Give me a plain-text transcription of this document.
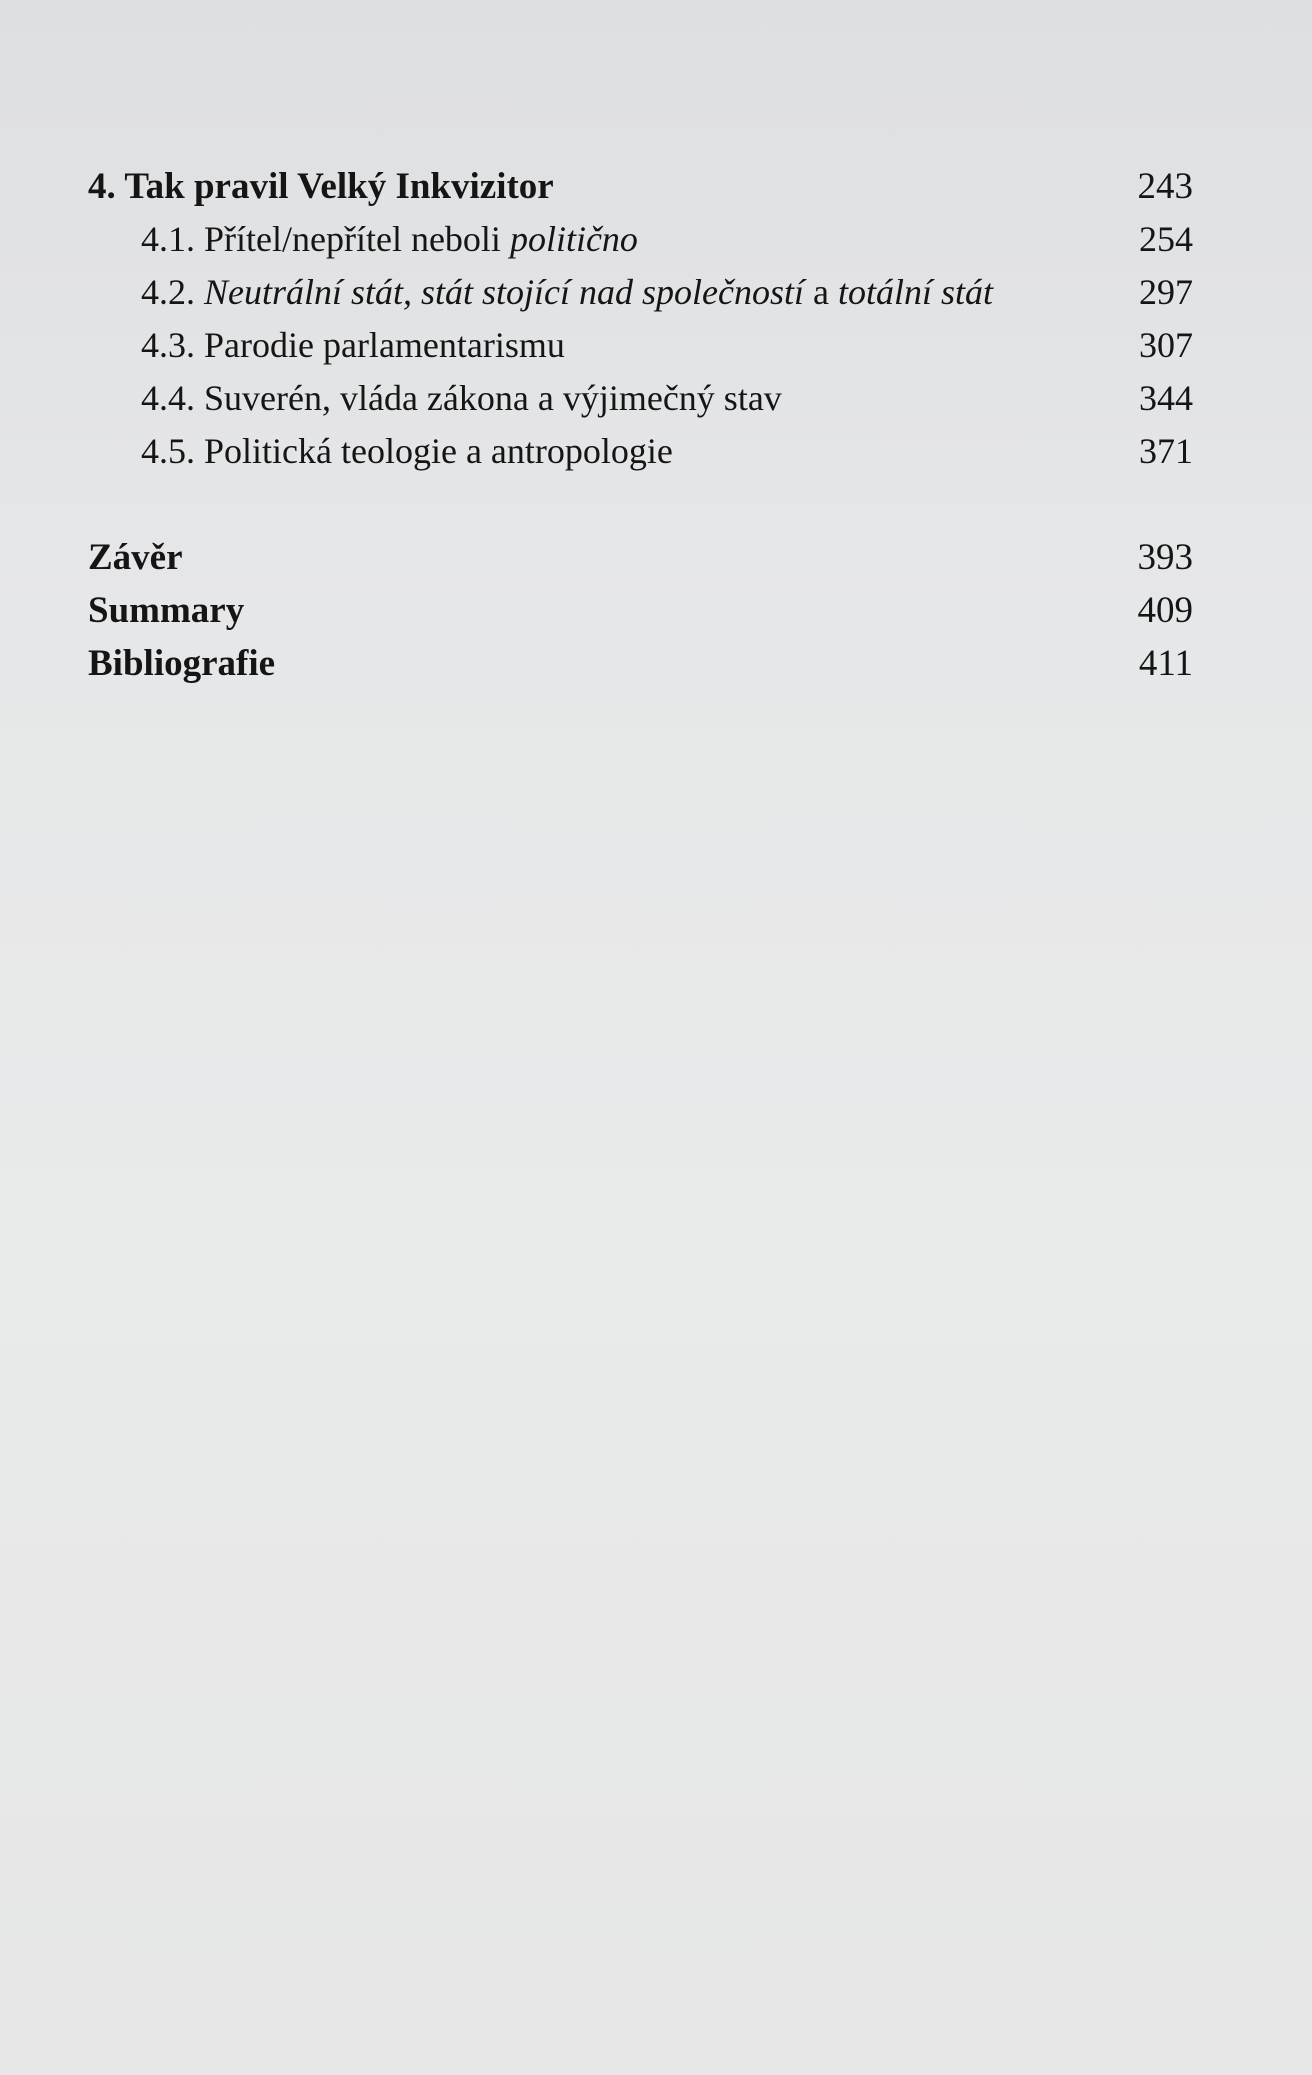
4. Tak pravil Velký Inkvizitor	243
4.1. Přítel/nepřítel neboli politično	254
4.2. Neutrální stát, stát stojící nad společností a totální stát	297
4.3. Parodie parlamentarismu	307
4.4. Suverén, vláda zákona a výjimečný stav	344
4.5. Politická teologie a antropologie	371
Závěr	393
Summary	409
Bibliografie	411
